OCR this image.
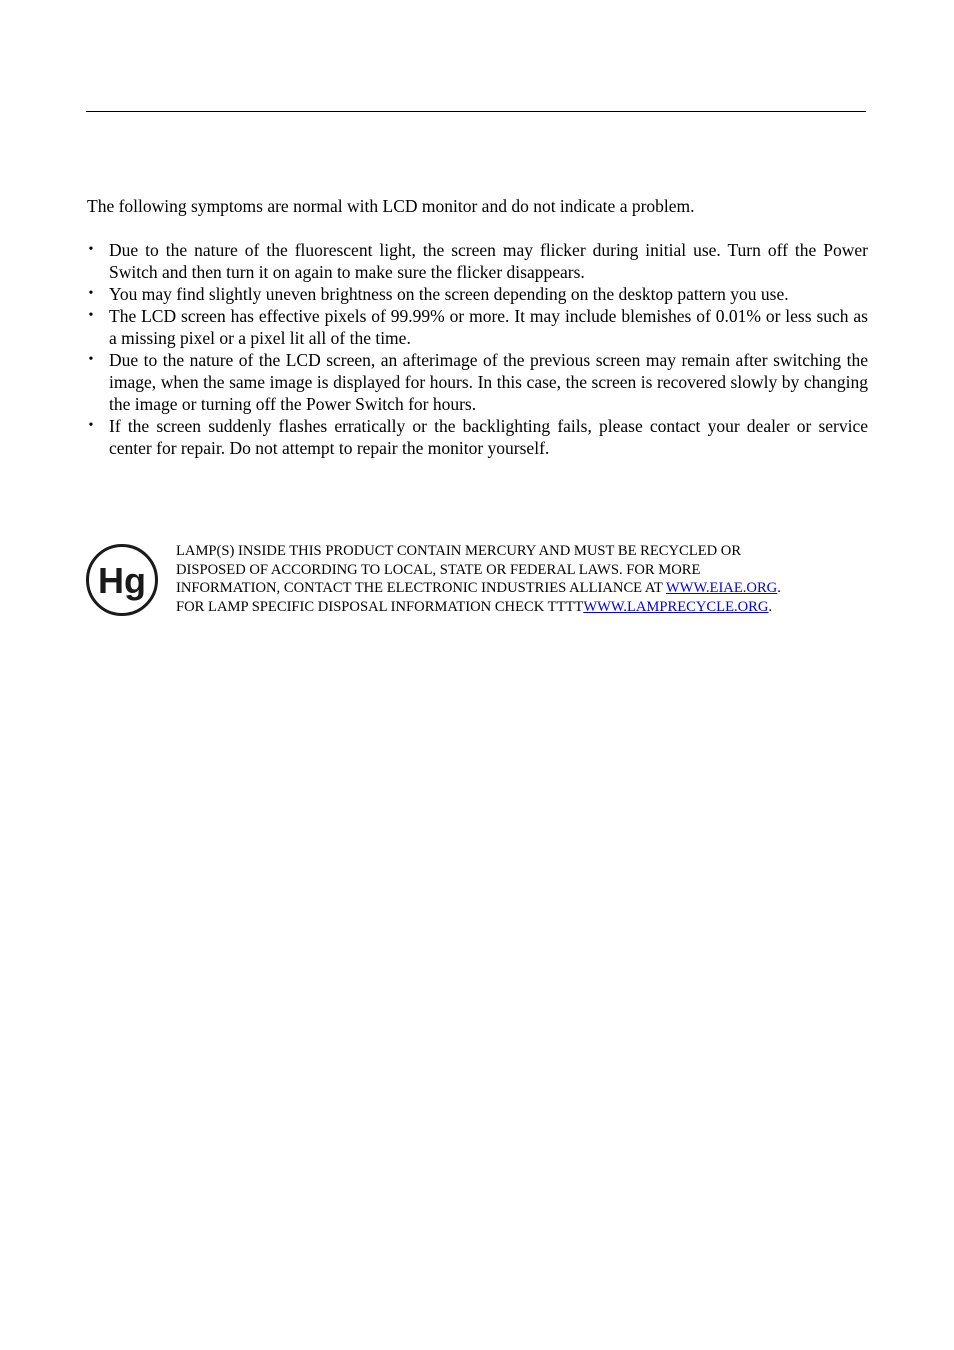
The following symptoms are normal with LCD monitor and do not indicate a problem.

• Due to the nature of the fluorescent light, the screen may flicker during initial use. Turn off the Power Switch and then turn it on again to make sure the flicker disappears.
• You may find slightly uneven brightness on the screen depending on the desktop pattern you use.
• The LCD screen has effective pixels of 99.99% or more. It may include blemishes of 0.01% or less such as a missing pixel or a pixel lit all of the time.
• Due to the nature of the LCD screen, an afterimage of the previous screen may remain after switching the image, when the same image is displayed for hours. In this case, the screen is recovered slowly by changing the image or turning off the Power Switch for hours.
• If the screen suddenly flashes erratically or the backlighting fails, please contact your dealer or service center for repair. Do not attempt to repair the monitor yourself.
Hg

LAMP(S) INSIDE THIS PRODUCT CONTAIN MERCURY AND MUST BE RECYCLED OR
DISPOSED OF ACCORDING TO LOCAL, STATE OR FEDERAL LAWS. FOR MORE
INFORMATION, CONTACT THE ELECTRONIC INDUSTRIES ALLIANCE AT WWW.EIAE.ORG.
FOR LAMP SPECIFIC DISPOSAL INFORMATION CHECK TTTTWWW.LAMPRECYCLE.ORG.
